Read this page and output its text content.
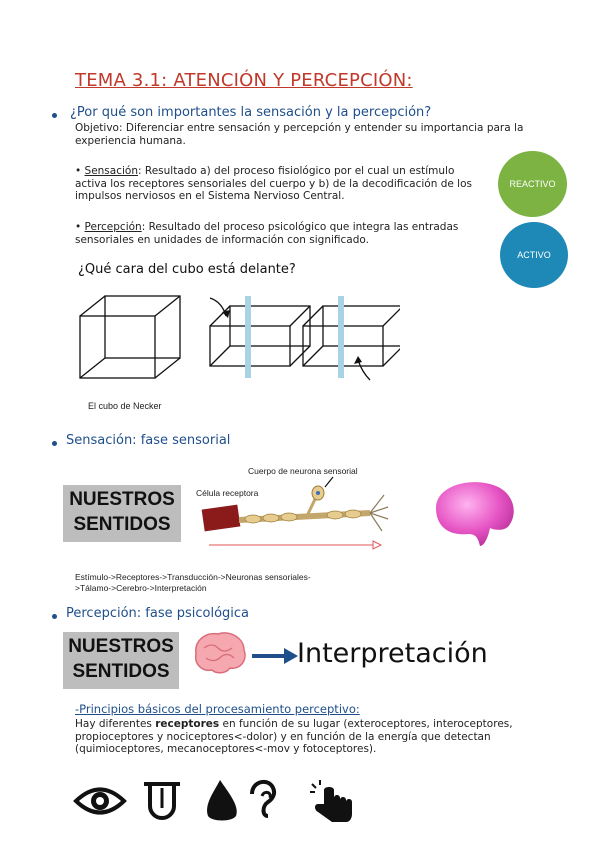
TEMA 3.1: ATENCIÓN Y PERCEPCIÓN:
¿Por qué son importantes la sensación y la percepción?
Objetivo: Diferenciar entre sensación y percepción y entender su importancia para la experiencia humana.
• Sensación: Resultado a) del proceso fisiológico por el cual un estímulo activa los receptores sensoriales del cuerpo y b) de la decodificación de los impulsos nerviosos en el Sistema Nervioso Central.
• Percepción: Resultado del proceso psicológico que integra las entradas sensoriales en unidades de información con significado.
REACTIVO
ACTIVO
¿Qué cara del cubo está delante?
El cubo de Necker
Sensación: fase sensorial
NUESTROS SENTIDOS
Cuerpo de neurona sensorial
Célula receptora
Estímulo->Receptores->Transducción->Neuronas sensoriales->Tálamo->Cerebro->Interpretación
Percepción: fase psicológica
NUESTROS SENTIDOS
Interpretación
-Principios básicos del procesamiento perceptivo:
Hay diferentes receptores en función de su lugar (exteroceptores, interoceptores, propioceptores y nociceptores<-dolor) y en función de la energía que detectan (quimioceptores, mecanoceptores<-mov y fotoceptores).
